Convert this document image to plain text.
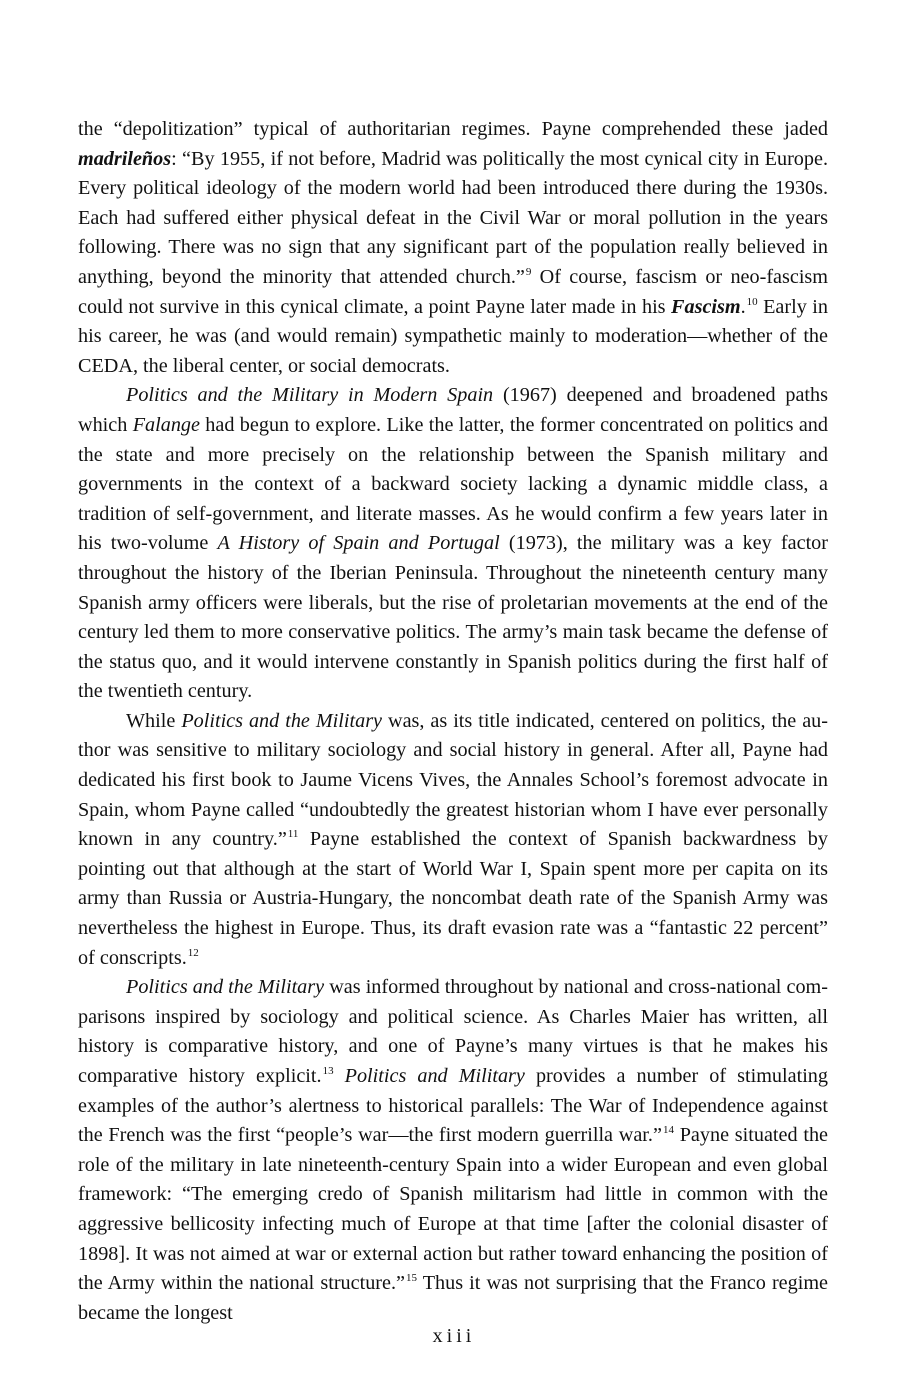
the “depolitization” typical of authoritarian regimes. Payne comprehended these jaded madrileños: “By 1955, if not before, Madrid was politically the most cynical city in Europe. Every political ideology of the modern world had been introduced there during the 1930s. Each had suffered either physical defeat in the Civil War or moral pollution in the years following. There was no sign that any significant part of the population really believed in anything, beyond the minority that attended church.”$^9$ Of course, fascism or neo-fascism could not survive in this cynical climate, a point Payne later made in his Fascism.$^{10}$ Early in his career, he was (and would remain) sympathetic mainly to moderation—whether of the CEDA, the liberal center, or social democrats.

Politics and the Military in Modern Spain (1967) deepened and broadened paths which Falange had begun to explore. Like the latter, the former concentrated on politics and the state and more precisely on the relationship between the Spanish military and governments in the context of a backward society lacking a dynamic middle class, a tradition of self-government, and literate masses. As he would confirm a few years later in his two-volume A History of Spain and Portugal (1973), the military was a key factor throughout the history of the Iberian Peninsula. Throughout the nineteenth century many Spanish army officers were liberals, but the rise of proletarian movements at the end of the century led them to more conservative politics. The army’s main task became the defense of the status quo, and it would intervene constantly in Spanish politics during the first half of the twentieth century.

While Politics and the Military was, as its title indicated, centered on politics, the author was sensitive to military sociology and social history in general. After all, Payne had dedicated his first book to Jaume Vicens Vives, the Annales School’s foremost advocate in Spain, whom Payne called “undoubtedly the greatest historian whom I have ever personally known in any country.”$^{11}$ Payne established the context of Spanish backwardness by pointing out that although at the start of World War I, Spain spent more per capita on its army than Russia or Austria-Hungary, the noncombat death rate of the Spanish Army was nevertheless the highest in Europe. Thus, its draft evasion rate was a “fantastic 22 percent” of conscripts.$^{12}$

Politics and the Military was informed throughout by national and cross-national comparisons inspired by sociology and political science. As Charles Maier has written, all history is comparative history, and one of Payne’s many virtues is that he makes his comparative history explicit.$^{13}$ Politics and Military provides a number of stimulating examples of the author’s alertness to historical parallels: The War of Independence against the French was the first “people’s war—the first modern guerrilla war.”$^{14}$ Payne situated the role of the military in late nineteenth-century Spain into a wider European and even global framework: “The emerging credo of Spanish militarism had little in common with the aggressive bellicosity infecting much of Europe at that time [after the colonial disaster of 1898]. It was not aimed at war or external action but rather toward enhancing the position of the Army within the national structure.”$^{15}$ Thus it was not surprising that the Franco regime became the longest

xiii
